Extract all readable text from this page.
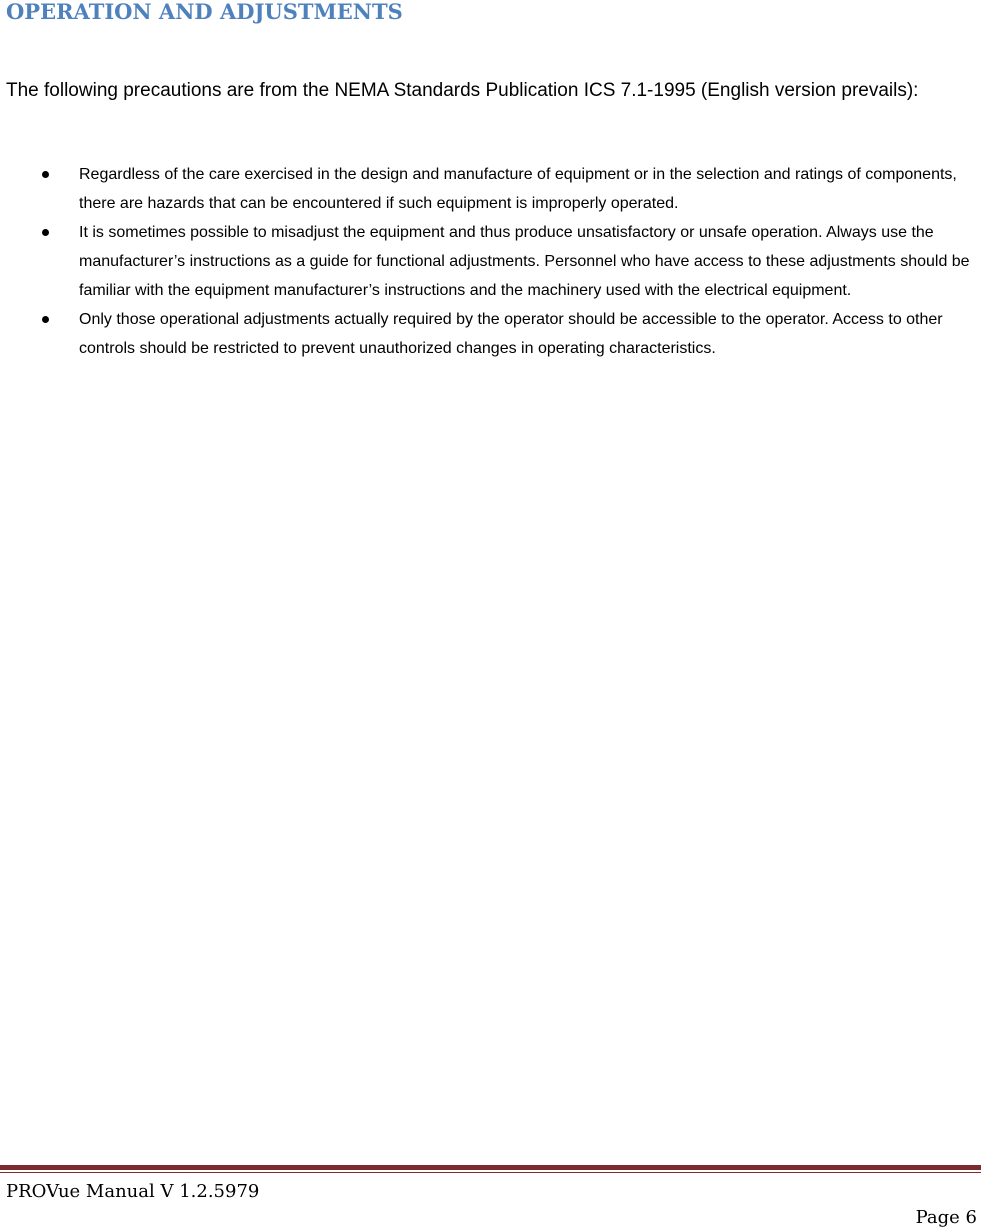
OPERATION AND ADJUSTMENTS

The following precautions are from the NEMA Standards Publication ICS 7.1-1995 (English version prevails):

Regardless of the care exercised in the design and manufacture of equipment or in the selection and ratings of components, there are hazards that can be encountered if such equipment is improperly operated.
It is sometimes possible to misadjust the equipment and thus produce unsatisfactory or unsafe operation. Always use the manufacturer’s instructions as a guide for functional adjustments. Personnel who have access to these adjustments should be familiar with the equipment manufacturer’s instructions and the machinery used with the electrical equipment.
Only those operational adjustments actually required by the operator should be accessible to the operator. Access to other controls should be restricted to prevent unauthorized changes in operating characteristics.

PROVue Manual V 1.2.5979

Page 6
